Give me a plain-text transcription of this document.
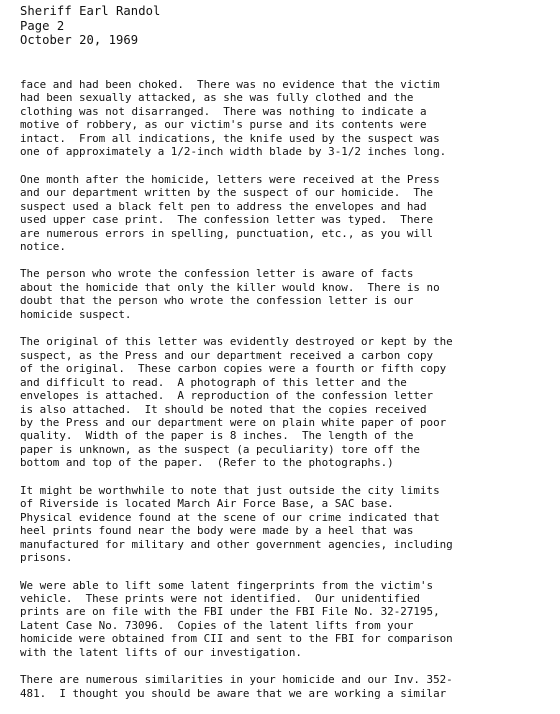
Sheriff Earl Randol
Page 2
October 20, 1969
face and had been choked.  There was no evidence that the victim
had been sexually attacked, as she was fully clothed and the
clothing was not disarranged.  There was nothing to indicate a
motive of robbery, as our victim's purse and its contents were
intact.  From all indications, the knife used by the suspect was
one of approximately a 1/2-inch width blade by 3-1/2 inches long.
One month after the homicide, letters were received at the Press
and our department written by the suspect of our homicide.  The
suspect used a black felt pen to address the envelopes and had
used upper case print.  The confession letter was typed.  There
are numerous errors in spelling, punctuation, etc., as you will
notice.
The person who wrote the confession letter is aware of facts
about the homicide that only the killer would know.  There is no
doubt that the person who wrote the confession letter is our
homicide suspect.
The original of this letter was evidently destroyed or kept by the
suspect, as the Press and our department received a carbon copy
of the original.  These carbon copies were a fourth or fifth copy
and difficult to read.  A photograph of this letter and the
envelopes is attached.  A reproduction of the confession letter
is also attached.  It should be noted that the copies received
by the Press and our department were on plain white paper of poor
quality.  Width of the paper is 8 inches.  The length of the
paper is unknown, as the suspect (a peculiarity) tore off the
bottom and top of the paper.  (Refer to the photographs.)
It might be worthwhile to note that just outside the city limits
of Riverside is located March Air Force Base, a SAC base.
Physical evidence found at the scene of our crime indicated that
heel prints found near the body were made by a heel that was
manufactured for military and other government agencies, including
prisons.
We were able to lift some latent fingerprints from the victim's
vehicle.  These prints were not identified.  Our unidentified
prints are on file with the FBI under the FBI File No. 32-27195,
Latent Case No. 73096.  Copies of the latent lifts from your
homicide were obtained from CII and sent to the FBI for comparison
with the latent lifts of our investigation.
There are numerous similarities in your homicide and our Inv. 352-
481.  I thought you should be aware that we are working a similar
